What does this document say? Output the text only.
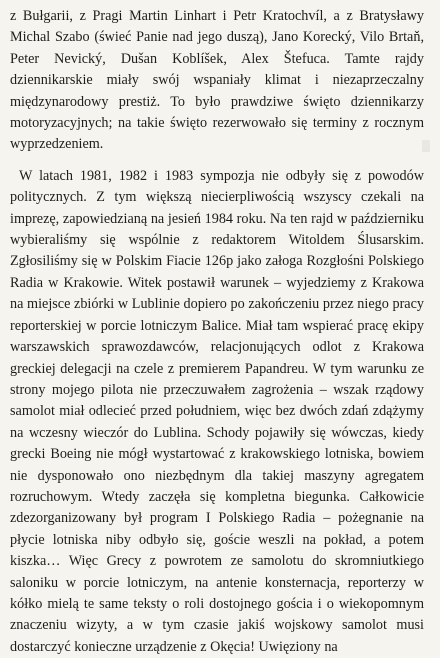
z Bułgarii, z Pragi Martin Linhart i Petr Kratochvíl, a z Bratysławy Michal Szabo (świeć Panie nad jego duszą), Jano Korecký, Vilo Brtaň, Peter Nevický, Dušan Koblíšek, Alex Štefuca. Tamte rajdy dziennikarskie miały swój wspaniały klimat i niezaprzeczalny międzynarodowy prestiż. To było prawdziwe święto dziennikarzy motoryzacyjnych; na takie święto rezerwowało się terminy z rocznym wyprzedzeniem.

W latach 1981, 1982 i 1983 sympozja nie odbyły się z powodów politycznych. Z tym większą niecierpliwością wszyscy czekali na imprezę, zapowiedzianą na jesień 1984 roku. Na ten rajd w październiku wybieraliśmy się wspólnie z redaktorem Witoldem Ślusarskim. Zgłosiliśmy się w Polskim Fiacie 126p jako załoga Rozgłośni Polskiego Radia w Krakowie. Witek postawił warunek – wyjedziemy z Krakowa na miejsce zbiórki w Lublinie dopiero po zakończeniu przez niego pracy reporterskiej w porcie lotniczym Balice. Miał tam wspierać pracę ekipy warszawskich sprawozdawców, relacjonujących odlot z Krakowa greckiej delegacji na czele z premierem Papandreu. W tym warunku ze strony mojego pilota nie przeczuwałem zagrożenia – wszak rządowy samolot miał odlecieć przed południem, więc bez dwóch zdań zdążymy na wczesny wieczór do Lublina. Schody pojawiły się wówczas, kiedy grecki Boeing nie mógł wystartować z krakowskiego lotniska, bowiem nie dysponowało ono niezbędnym dla takiej maszyny agregatem rozruchowym. Wtedy zaczęła się kompletna biegunka. Całkowicie zdezorganizowany był program I Polskiego Radia – pożegnanie na płycie lotniska niby odbyło się, goście weszli na pokład, a potem kiszka… Więc Grecy z powrotem ze samolotu do skromniutkiego saloniku w porcie lotniczym, na antenie konsternacja, reporterzy w kółko mielą te same teksty o roli dostojnego gościa i o wiekopomnym znaczeniu wizyty, a w tym czasie jakiś wojskowy samolot musi dostarczyć konieczne urządzenie z Okęcia! Uwięziony na

▒
